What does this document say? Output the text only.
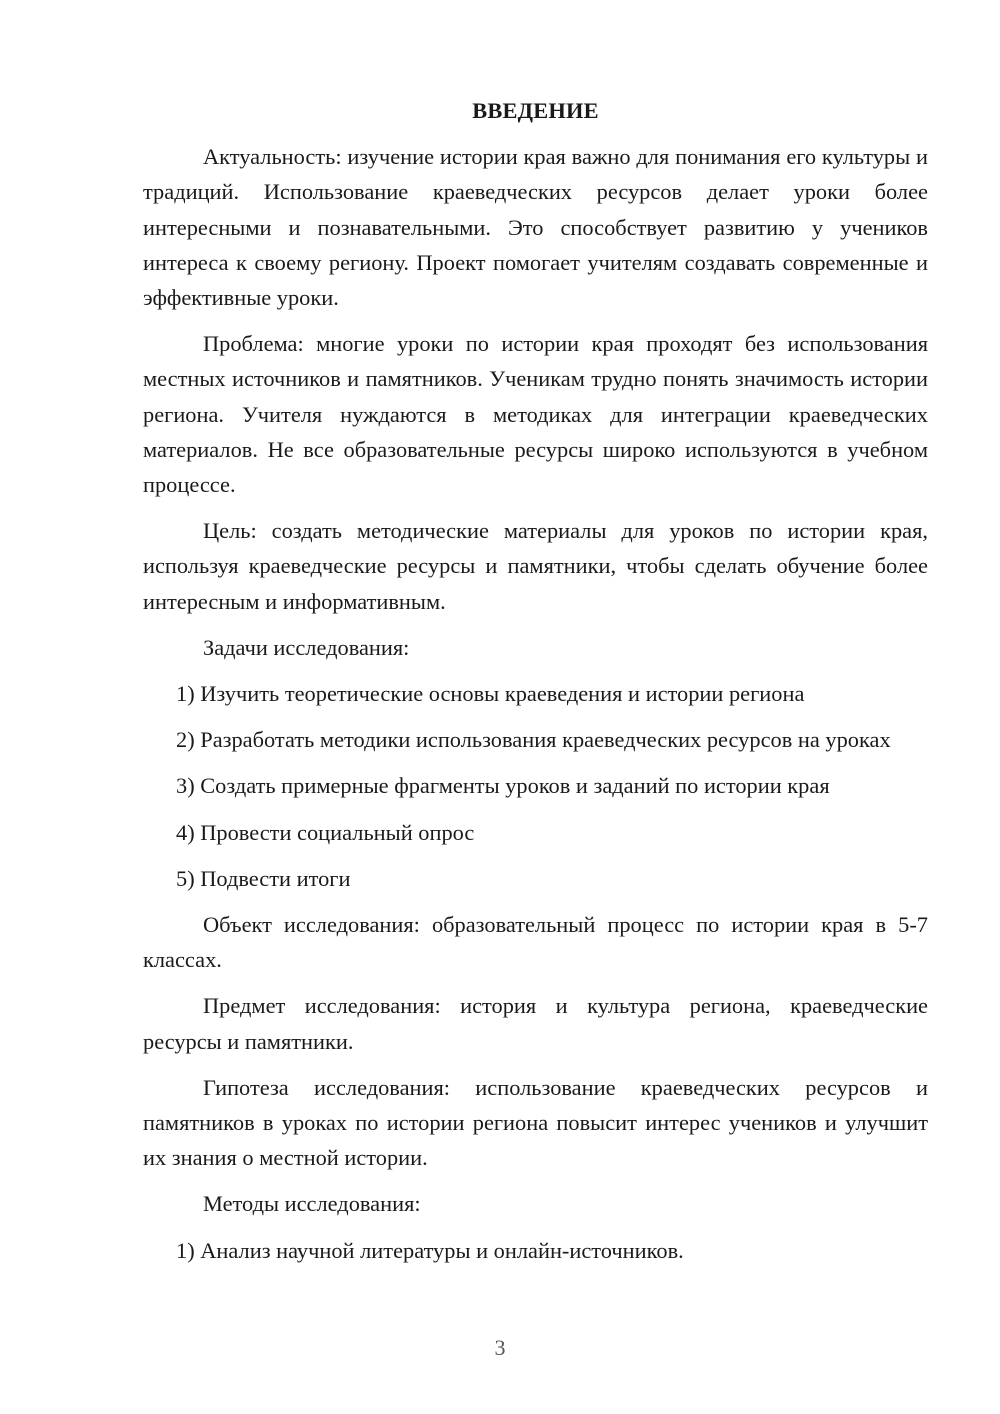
ВВЕДЕНИЕ

Актуальность: изучение истории края важно для понимания его культуры и традиций. Использование краеведческих ресурсов делает уроки более интересными и познавательными. Это способствует развитию у учеников интереса к своему региону. Проект помогает учителям создавать современные и эффективные уроки.

Проблема: многие уроки по истории края проходят без использования местных источников и памятников. Ученикам трудно понять значимость истории региона. Учителя нуждаются в методиках для интеграции краеведческих материалов. Не все образовательные ресурсы широко используются в учебном процессе.

Цель: создать методические материалы для уроков по истории края, используя краеведческие ресурсы и памятники, чтобы сделать обучение более интересным и информативным.

Задачи исследования:

1) Изучить теоретические основы краеведения и истории региона

2) Разработать методики использования краеведческих ресурсов на уроках

3) Создать примерные фрагменты уроков и заданий по истории края

4) Провести социальный опрос

5) Подвести итоги

Объект исследования: образовательный процесс по истории края в 5-7 классах.

Предмет исследования: история и культура региона, краеведческие ресурсы и памятники.

Гипотеза исследования: использование краеведческих ресурсов и памятников в уроках по истории региона повысит интерес учеников и улучшит их знания о местной истории.

Методы исследования:

1) Анализ научной литературы и онлайн-источников.

3
